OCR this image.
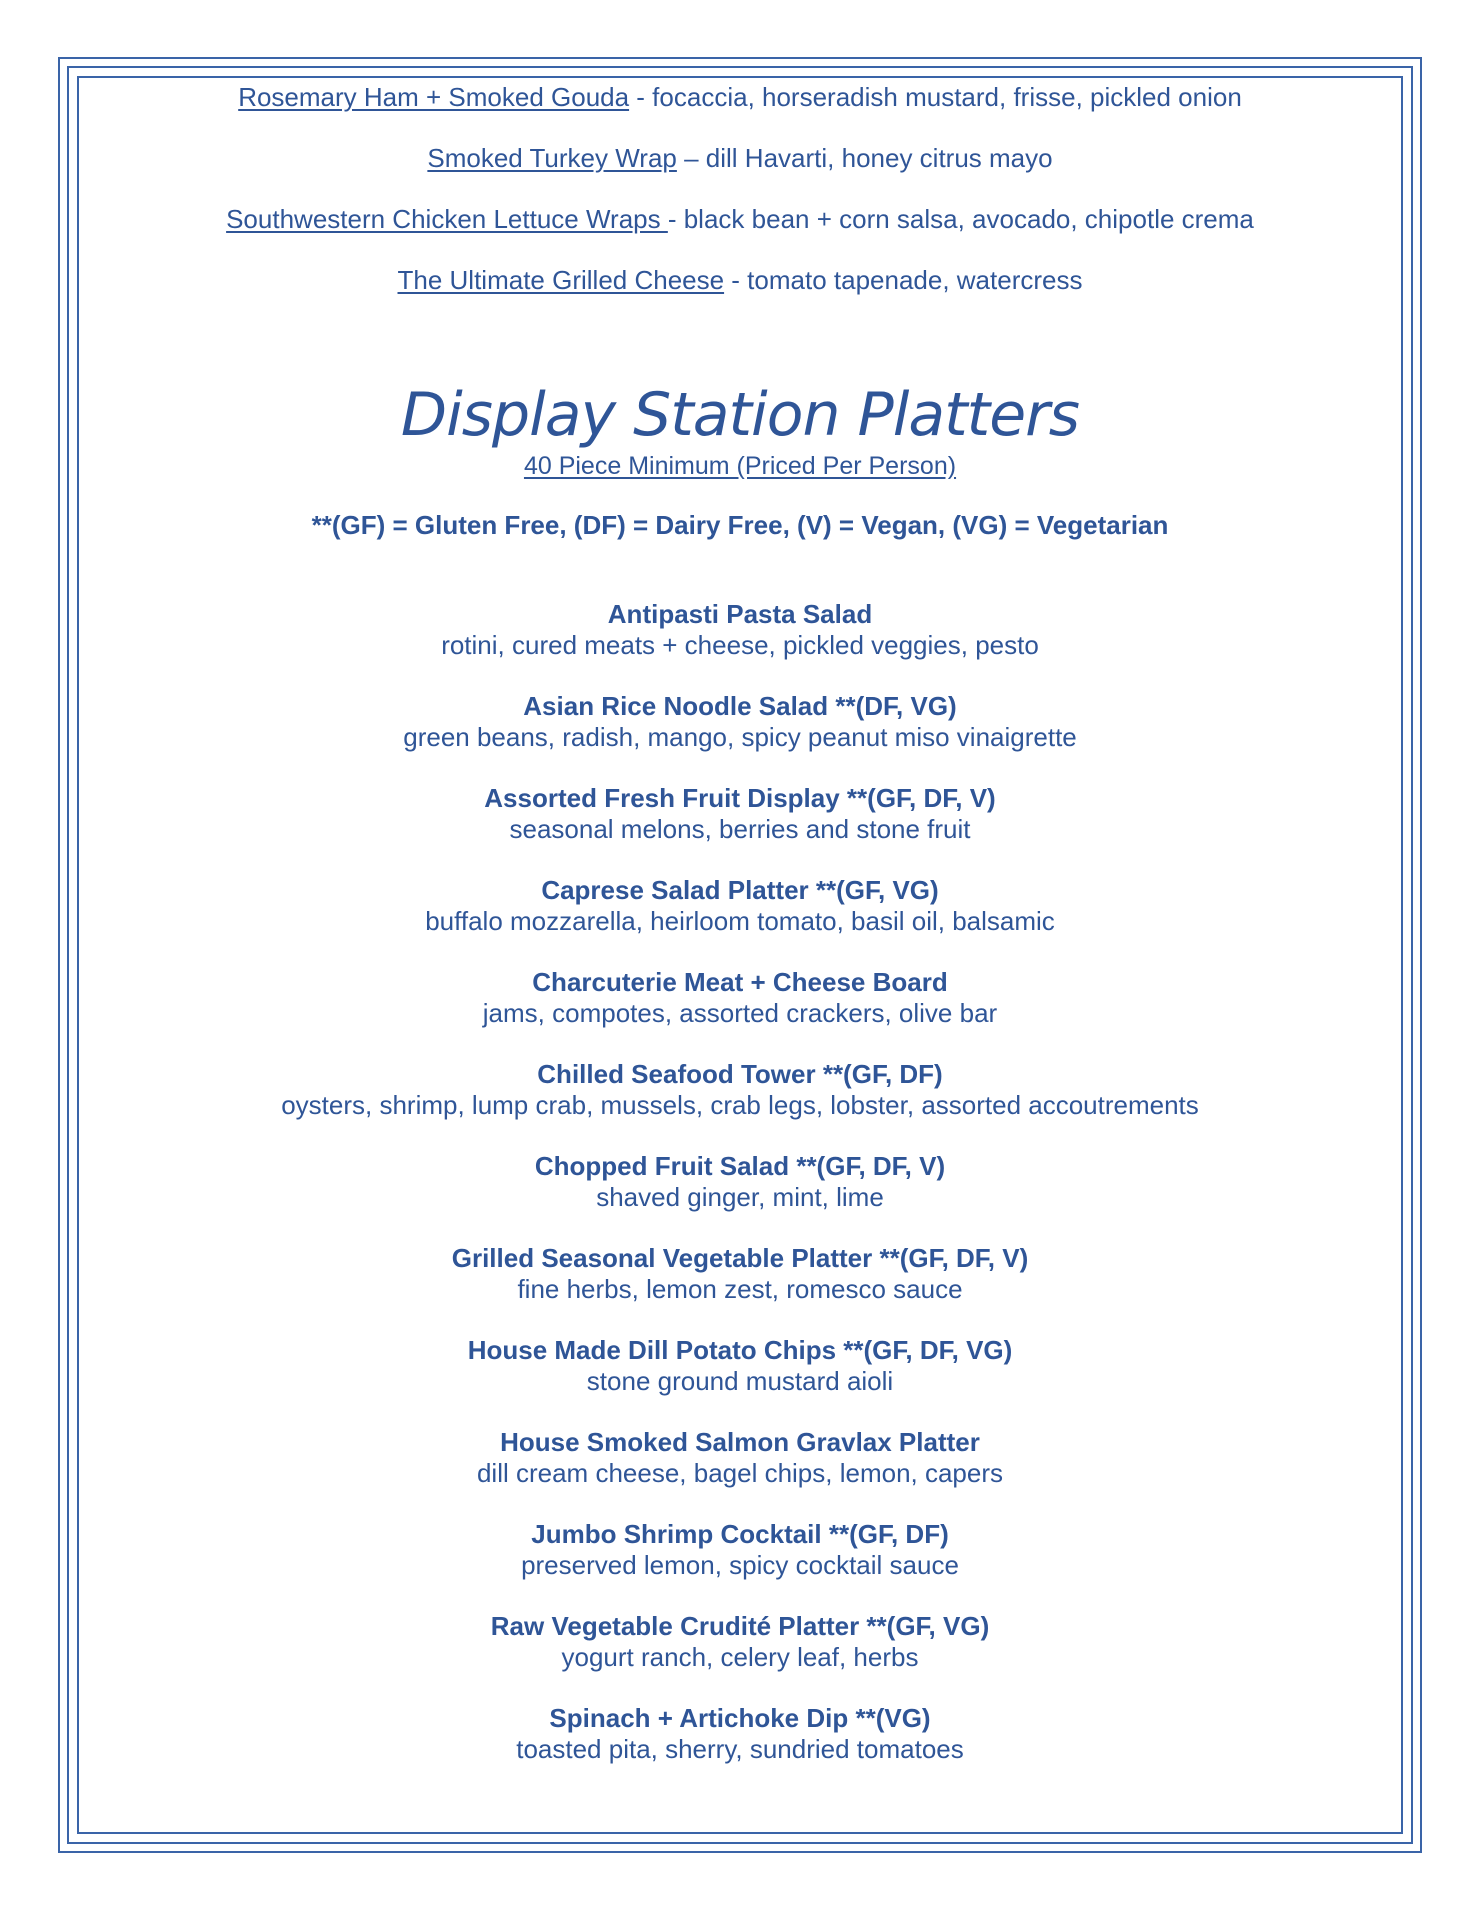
Rosemary Ham + Smoked Gouda - focaccia, horseradish mustard, frisse, pickled onion

Smoked Turkey Wrap – dill Havarti, honey citrus mayo

Southwestern Chicken Lettuce Wraps - black bean + corn salsa, avocado, chipotle crema

The Ultimate Grilled Cheese - tomato tapenade, watercress

Display Station Platters
40 Piece Minimum (Priced Per Person)
**(GF) = Gluten Free, (DF) = Dairy Free, (V) = Vegan, (VG) = Vegetarian
Antipasti Pasta Salad
rotini, cured meats + cheese, pickled veggies, pesto
Asian Rice Noodle Salad **(DF, VG)
green beans, radish, mango, spicy peanut miso vinaigrette
Assorted Fresh Fruit Display **(GF, DF, V)
seasonal melons, berries and stone fruit
Caprese Salad Platter **(GF, VG)
buffalo mozzarella, heirloom tomato, basil oil, balsamic
Charcuterie Meat + Cheese Board
jams, compotes, assorted crackers, olive bar
Chilled Seafood Tower **(GF, DF)
oysters, shrimp, lump crab, mussels, crab legs, lobster, assorted accoutrements
Chopped Fruit Salad **(GF, DF, V)
shaved ginger, mint, lime
Grilled Seasonal Vegetable Platter **(GF, DF, V)
fine herbs, lemon zest, romesco sauce
House Made Dill Potato Chips **(GF, DF, VG)
stone ground mustard aioli
House Smoked Salmon Gravlax Platter
dill cream cheese, bagel chips, lemon, capers
Jumbo Shrimp Cocktail **(GF, DF)
preserved lemon, spicy cocktail sauce
Raw Vegetable Crudité Platter **(GF, VG)
yogurt ranch, celery leaf, herbs
Spinach + Artichoke Dip **(VG)
toasted pita, sherry, sundried tomatoes
